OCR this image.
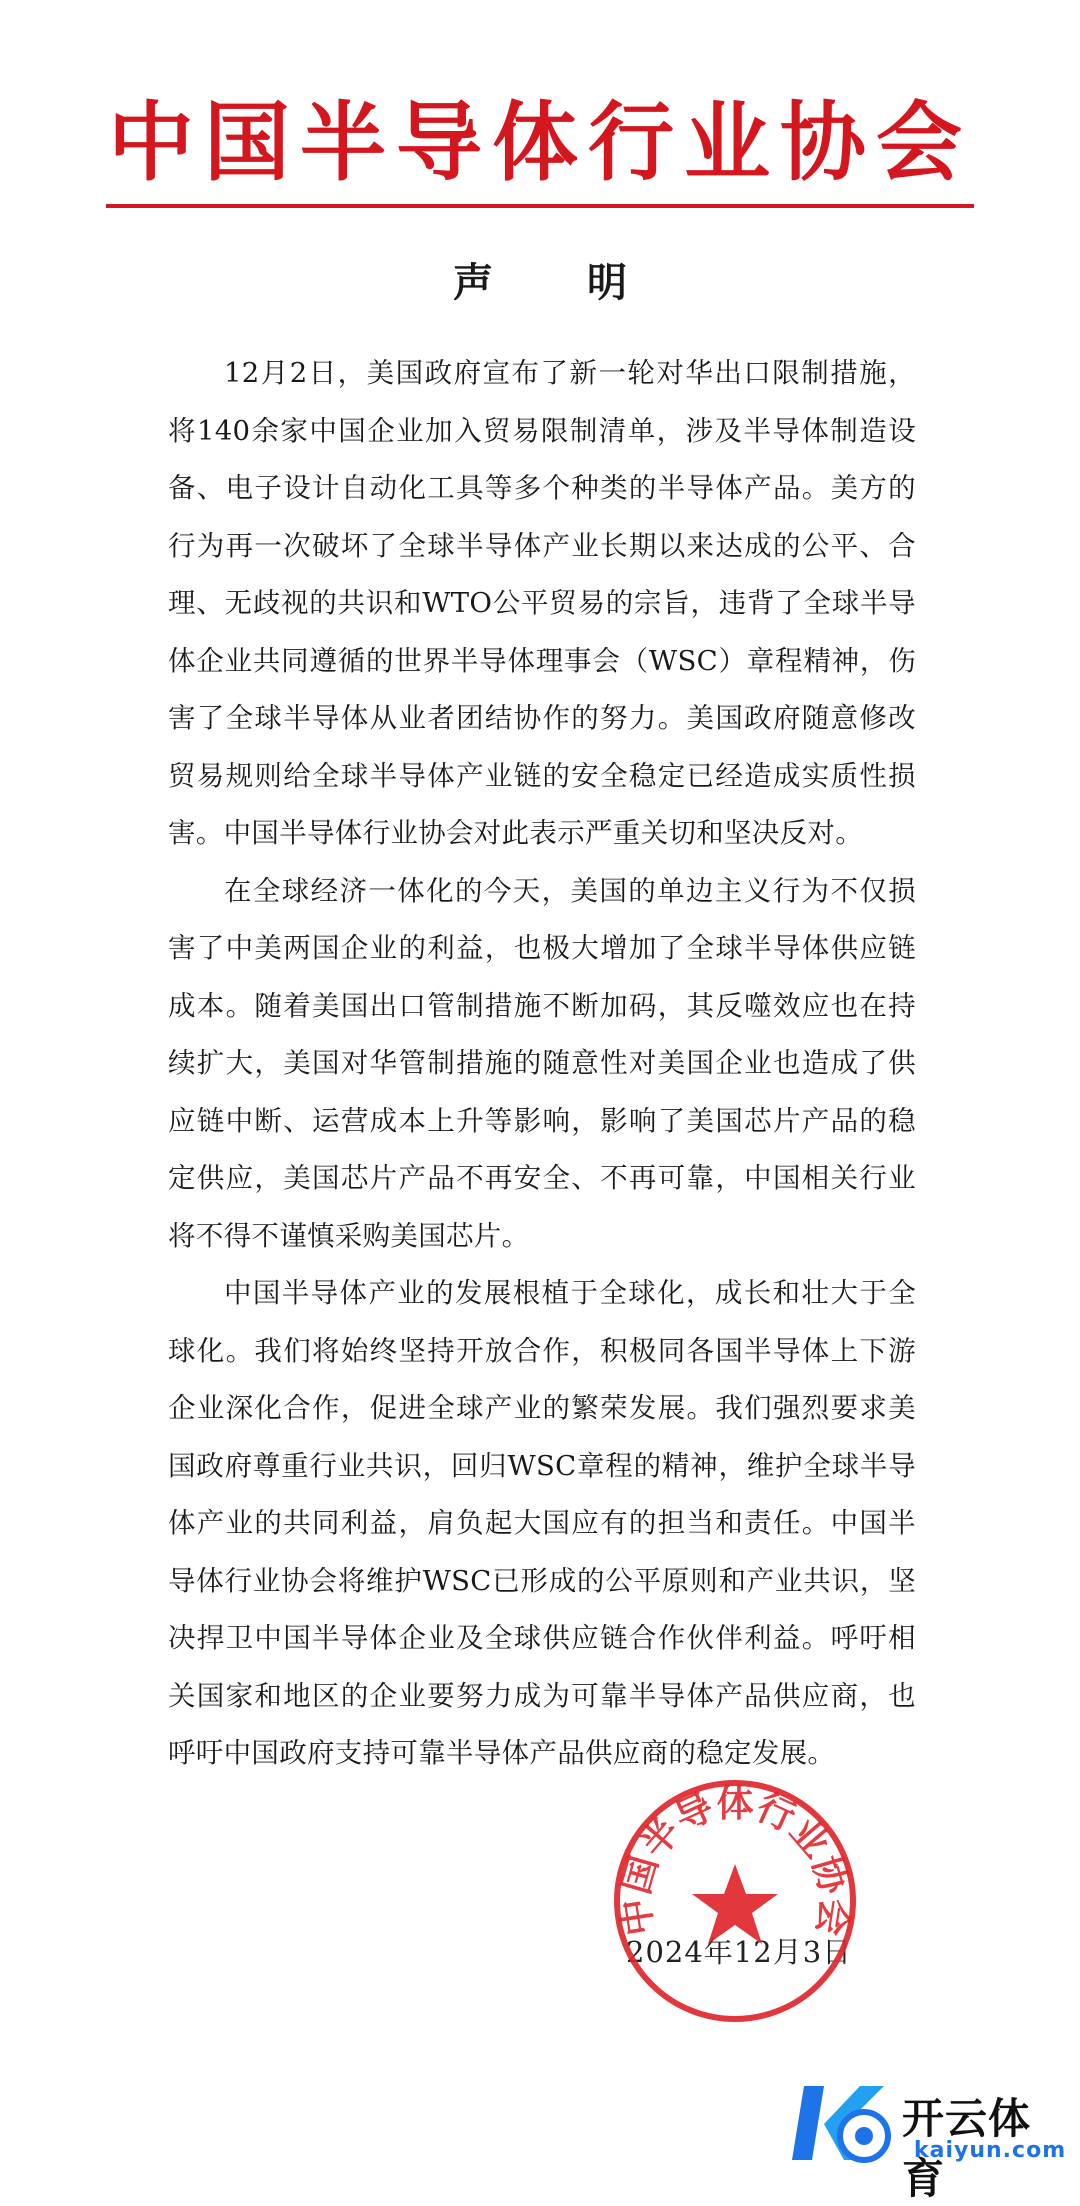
中国半导体行业协会
声 明

12月2日，美国政府宣布了新一轮对华出口限制措施，将140余家中国企业加入贸易限制清单，涉及半导体制造设备、电子设计自动化工具等多个种类的半导体产品。美方的行为再一次破坏了全球半导体产业长期以来达成的公平、合理、无歧视的共识和WTO公平贸易的宗旨，违背了全球半导体企业共同遵循的世界半导体理事会（WSC）章程精神，伤害了全球半导体从业者团结协作的努力。美国政府随意修改贸易规则给全球半导体产业链的安全稳定已经造成实质性损害。中国半导体行业协会对此表示严重关切和坚决反对。

在全球经济一体化的今天，美国的单边主义行为不仅损害了中美两国企业的利益，也极大增加了全球半导体供应链成本。随着美国出口管制措施不断加码，其反噬效应也在持续扩大，美国对华管制措施的随意性对美国企业也造成了供应链中断、运营成本上升等影响，影响了美国芯片产品的稳定供应，美国芯片产品不再安全、不再可靠，中国相关行业将不得不谨慎采购美国芯片。

中国半导体产业的发展根植于全球化，成长和壮大于全球化。我们将始终坚持开放合作，积极同各国半导体上下游企业深化合作，促进全球产业的繁荣发展。我们强烈要求美国政府尊重行业共识，回归WSC章程的精神，维护全球半导体产业的共同利益，肩负起大国应有的担当和责任。中国半导体行业协会将维护WSC已形成的公平原则和产业共识，坚决捍卫中国半导体企业及全球供应链合作伙伴利益。呼吁相关国家和地区的企业要努力成为可靠半导体产品供应商，也呼吁中国政府支持可靠半导体产品供应商的稳定发展。

2024年12月3日
中国半导体行业协会
开云体育
kaiyun.com
